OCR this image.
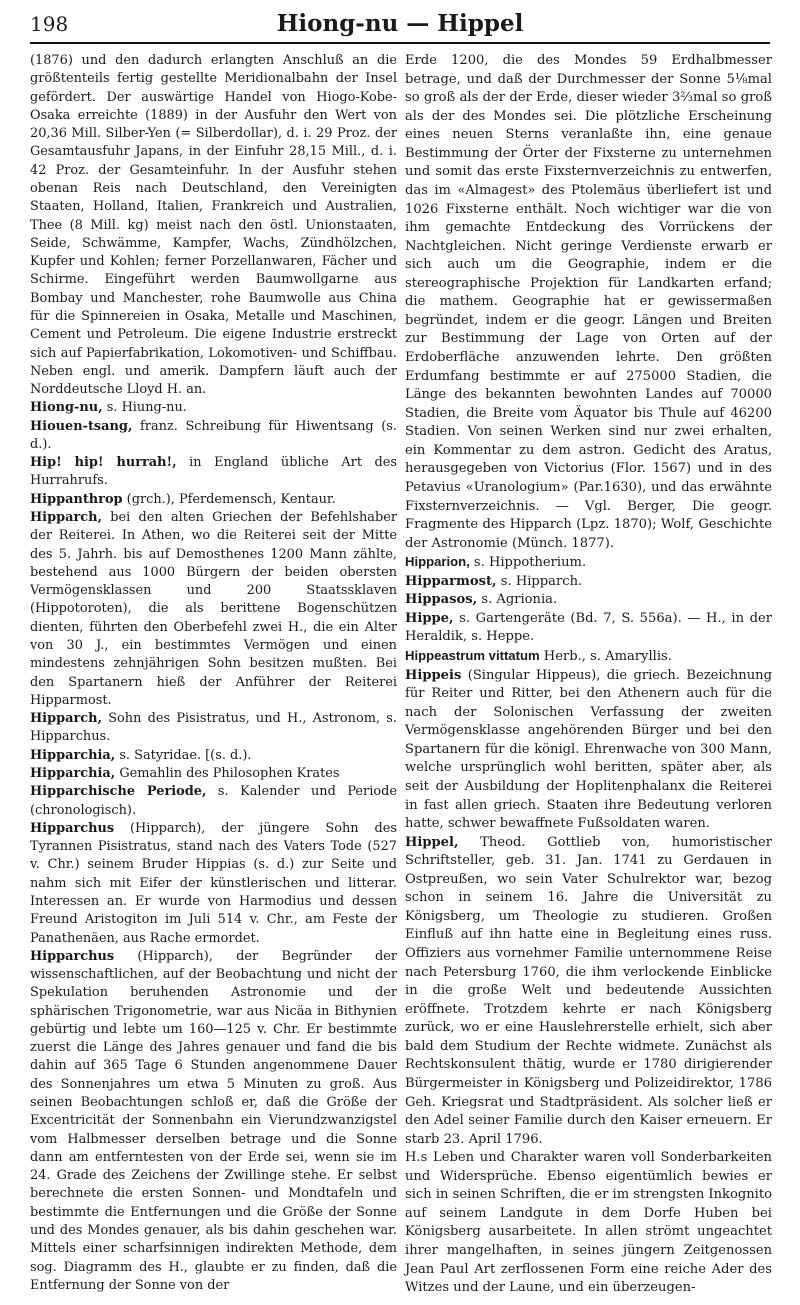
198	Hiong-nu — Hippel

(1876) und den dadurch erlangten Anschluß an die größtenteils fertig gestellte Meridionalbahn der Insel gefördert. Der auswärtige Handel von Hiogo-Kobe-Osaka erreichte (1889) in der Ausfuhr den Wert von 20,36 Mill. Silber-Yen (= Silberdollar), d. i. 29 Proz. der Gesamtausfuhr Japans, in der Einfuhr 28,15 Mill., d. i. 42 Proz. der Gesamteinfuhr. In der Ausfuhr stehen obenan Reis nach Deutschland, den Vereinigten Staaten, Holland, Italien, Frankreich und Australien, Thee (8 Mill. kg) meist nach den östl. Unionstaaten, Seide, Schwämme, Kampfer, Wachs, Zündhölzchen, Kupfer und Kohlen; ferner Porzellanwaren, Fächer und Schirme. Eingeführt werden Baumwollgarne aus Bombay und Manchester, rohe Baumwolle aus China für die Spinnereien in Osaka, Metalle und Maschinen, Cement und Petroleum. Die eigene Industrie erstreckt sich auf Papierfabrikation, Lokomotiven- und Schiffbau. Neben engl. und amerik. Dampfern läuft auch der Norddeutsche Lloyd H. an.

Hiong-nu, s. Hiung-nu.

Hiouen-tsang, franz. Schreibung für Hiwentsang (s. d.).

Hip! hip! hurrah!, in England übliche Art des Hurrahrufs.

Hippanthrop (grch.), Pferdemensch, Kentaur.

Hipparch, bei den alten Griechen der Befehlshaber der Reiterei. In Athen, wo die Reiterei seit der Mitte des 5. Jahrh. bis auf Demosthenes 1200 Mann zählte, bestehend aus 1000 Bürgern der beiden obersten Vermögensklassen und 200 Staatssklaven (Hippotoroten), die als berittene Bogenschützen dienten, führten den Oberbefehl zwei H., die ein Alter von 30 J., ein bestimmtes Vermögen und einen mindestens zehnjährigen Sohn besitzen mußten. Bei den Spartanern hieß der Anführer der Reiterei Hipparmost.

Hipparch, Sohn des Pisistratus, und H., Astronom, s. Hipparchus.

Hipparchia, s. Satyridae. [(s. d.).

Hipparchia, Gemahlin des Philosophen Krates

Hipparchische Periode, s. Kalender und Periode (chronologisch).

Hipparchus (Hipparch), der jüngere Sohn des Tyrannen Pisistratus, stand nach des Vaters Tode (527 v. Chr.) seinem Bruder Hippias (s. d.) zur Seite und nahm sich mit Eifer der künstlerischen und litterar. Interessen an. Er wurde von Harmodius und dessen Freund Aristogiton im Juli 514 v. Chr., am Feste der Panathenäen, aus Rache ermordet.

Hipparchus (Hipparch), der Begründer der wissenschaftlichen, auf der Beobachtung und nicht der Spekulation beruhenden Astronomie und der sphärischen Trigonometrie, war aus Nicäa in Bithynien gebürtig und lebte um 160—125 v. Chr. Er bestimmte zuerst die Länge des Jahres genauer und fand die bis dahin auf 365 Tage 6 Stunden angenommene Dauer des Sonnenjahres um etwa 5 Minuten zu groß. Aus seinen Beobachtungen schloß er, daß die Größe der Excentricität der Sonnenbahn ein Vierundzwanzigstel vom Halbmesser derselben betrage und die Sonne dann am entferntesten von der Erde sei, wenn sie im 24. Grade des Zeichens der Zwillinge stehe. Er selbst berechnete die ersten Sonnen- und Mondtafeln und bestimmte die Entfernungen und die Größe der Sonne und des Mondes genauer, als bis dahin geschehen war. Mittels einer scharfsinnigen indirekten Methode, dem sog. Diagramm des H., glaubte er zu finden, daß die Entfernung der Sonne von der

Erde 1200, die des Mondes 59 Erdhalbmesser betrage, und daß der Durchmesser der Sonne 5⅛mal so groß als der der Erde, dieser wieder 3⅔mal so groß als der des Mondes sei. Die plötzliche Erscheinung eines neuen Sterns veranlaßte ihn, eine genaue Bestimmung der Örter der Fixsterne zu unternehmen und somit das erste Fixsternverzeichnis zu entwerfen, das im «Almagest» des Ptolemäus überliefert ist und 1026 Fixsterne enthält. Noch wichtiger war die von ihm gemachte Entdeckung des Vorrückens der Nachtgleichen. Nicht geringe Verdienste erwarb er sich auch um die Geographie, indem er die stereographische Projektion für Landkarten erfand; die mathem. Geographie hat er gewissermaßen begründet, indem er die geogr. Längen und Breiten zur Bestimmung der Lage von Orten auf der Erdoberfläche anzuwenden lehrte. Den größten Erdumfang bestimmte er auf 275000 Stadien, die Länge des bekannten bewohnten Landes auf 70000 Stadien, die Breite vom Äquator bis Thule auf 46200 Stadien. Von seinen Werken sind nur zwei erhalten, ein Kommentar zu dem astron. Gedicht des Aratus, herausgegeben von Victorius (Flor. 1567) und in des Petavius «Uranologium» (Par.1630), und das erwähnte Fixsternverzeichnis. — Vgl. Berger, Die geogr. Fragmente des Hipparch (Lpz. 1870); Wolf, Geschichte der Astronomie (Münch. 1877).

Hipparion, s. Hippotherium.

Hipparmost, s. Hipparch.

Hippasos, s. Agrionia.

Hippe, s. Gartengeräte (Bd. 7, S. 556a). — H., in der Heraldik, s. Heppe.

Hippeastrum vittatum Herb., s. Amaryllis.

Hippeis (Singular Hippeus), die griech. Bezeichnung für Reiter und Ritter, bei den Athenern auch für die nach der Solonischen Verfassung der zweiten Vermögensklasse angehörenden Bürger und bei den Spartanern für die königl. Ehrenwache von 300 Mann, welche ursprünglich wohl beritten, später aber, als seit der Ausbildung der Hoplitenphalanx die Reiterei in fast allen griech. Staaten ihre Bedeutung verloren hatte, schwer bewaffnete Fußsoldaten waren.

Hippel, Theod. Gottlieb von, humoristischer Schriftsteller, geb. 31. Jan. 1741 zu Gerdauen in Ostpreußen, wo sein Vater Schulrektor war, bezog schon in seinem 16. Jahre die Universität zu Königsberg, um Theologie zu studieren. Großen Einfluß auf ihn hatte eine in Begleitung eines russ. Offiziers aus vornehmer Familie unternommene Reise nach Petersburg 1760, die ihm verlockende Einblicke in die große Welt und bedeutende Aussichten eröffnete. Trotzdem kehrte er nach Königsberg zurück, wo er eine Hauslehrerstelle erhielt, sich aber bald dem Studium der Rechte widmete. Zunächst als Rechtskonsulent thätig, wurde er 1780 dirigierender Bürgermeister in Königsberg und Polizeidirektor, 1786 Geh. Kriegsrat und Stadtpräsident. Als solcher ließ er den Adel seiner Familie durch den Kaiser erneuern. Er starb 23. April 1796.

H.s Leben und Charakter waren voll Sonderbarkeiten und Widersprüche. Ebenso eigentümlich bewies er sich in seinen Schriften, die er im strengsten Inkognito auf seinem Landgute in dem Dorfe Huben bei Königsberg ausarbeitete. In allen strömt ungeachtet ihrer mangelhaften, in seines jüngern Zeitgenossen Jean Paul Art zerflossenen Form eine reiche Ader des Witzes und der Laune, und ein überzeugen-
